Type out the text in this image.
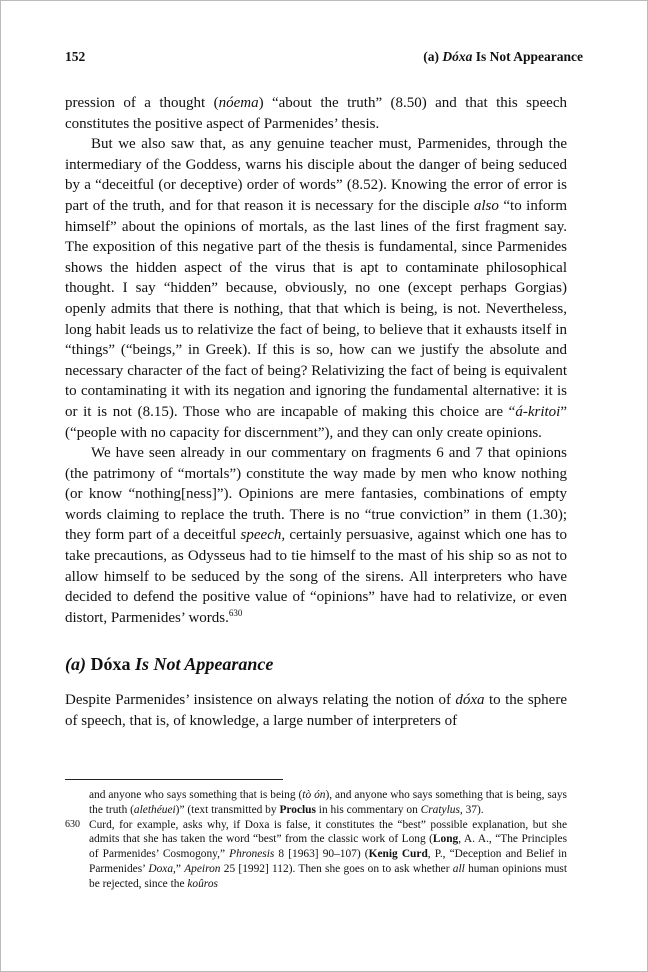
152	(a) Dóxa Is Not Appearance

pression of a thought (nóema) “about the truth” (8.50) and that this speech constitutes the positive aspect of Parmenides’ thesis.

But we also saw that, as any genuine teacher must, Parmenides, through the intermediary of the Goddess, warns his disciple about the danger of being seduced by a “deceitful (or deceptive) order of words” (8.52). Knowing the error of error is part of the truth, and for that reason it is necessary for the disciple also “to inform himself” about the opinions of mortals, as the last lines of the first fragment say. The exposition of this negative part of the thesis is fundamental, since Parmenides shows the hidden aspect of the virus that is apt to contaminate philosophical thought. I say “hidden” because, obviously, no one (except perhaps Gorgias) openly admits that there is nothing, that that which is being, is not. Nevertheless, long habit leads us to relativize the fact of being, to believe that it exhausts itself in “things” (“beings,” in Greek). If this is so, how can we justify the absolute and necessary character of the fact of being? Relativizing the fact of being is equivalent to contaminating it with its negation and ignoring the fundamental alternative: it is or it is not (8.15). Those who are incapable of making this choice are “á-kritoi” (“people with no capacity for discernment”), and they can only create opinions.

We have seen already in our commentary on fragments 6 and 7 that opinions (the patrimony of “mortals”) constitute the way made by men who know nothing (or know “nothing[ness]”). Opinions are mere fantasies, combinations of empty words claiming to replace the truth. There is no “true conviction” in them (1.30); they form part of a deceitful speech, certainly persuasive, against which one has to take precautions, as Odysseus had to tie himself to the mast of his ship so as not to allow himself to be seduced by the song of the sirens. All interpreters who have decided to defend the positive value of “opinions” have had to relativize, or even distort, Parmenides’ words.$^{630}$

(a) Dóxa Is Not Appearance

Despite Parmenides’ insistence on always relating the notion of dóxa to the sphere of speech, that is, of knowledge, a large number of interpreters of

and anyone who says something that is being (tò ón), and anyone who says something that is being, says the truth (alethéuei)” (text transmitted by Proclus in his commentary on Cratylus, 37).
630 Curd, for example, asks why, if Doxa is false, it constitutes the “best” possible explanation, but she admits that she has taken the word “best” from the classic work of Long (Long, A. A., “The Principles of Parmenides’ Cosmogony,” Phronesis 8 [1963] 90–107) (Kenig Curd, P., “Deception and Belief in Parmenides’ Doxa,” Apeiron 25 [1992] 112). Then she goes on to ask whether all human opinions must be rejected, since the koûros
